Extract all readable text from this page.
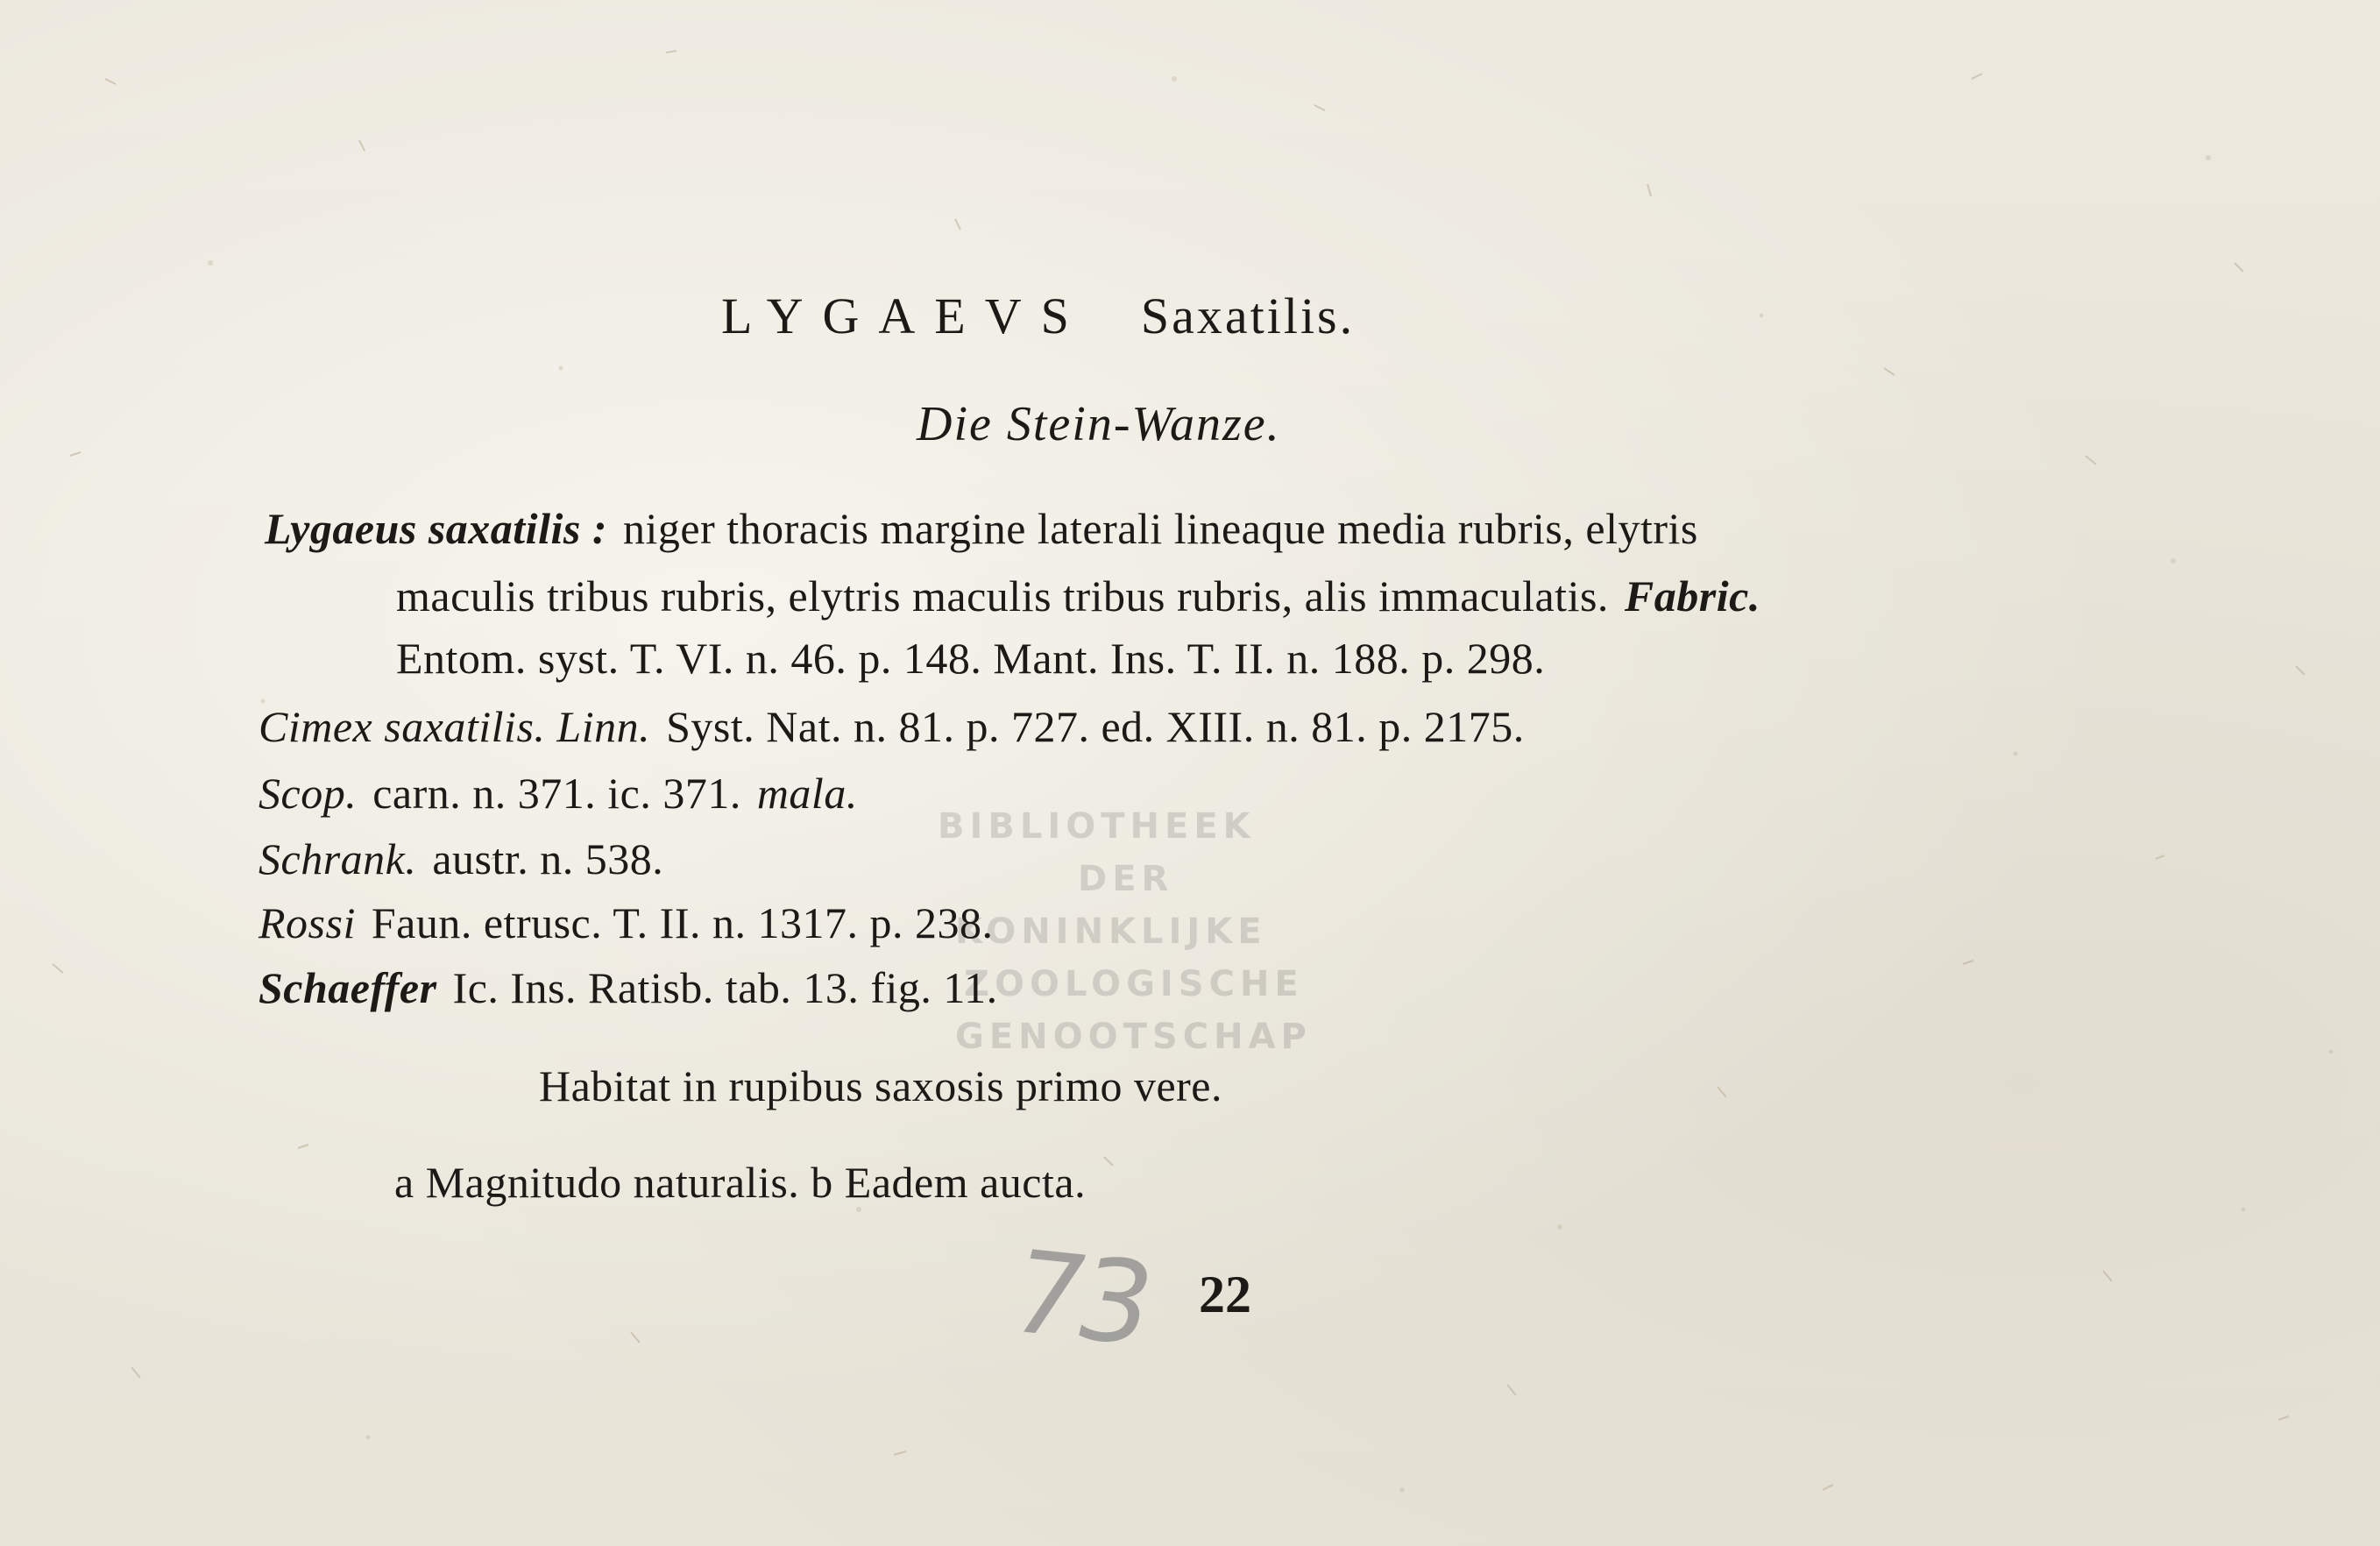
BIBLIOTHEEK
DER
KONINKLIJKE
ZOOLOGISCHE
GENOOTSCHAP
LYGAEVS Saxatilis.
Die Stein-Wanze.
Lygaeus saxatilis : niger thoracis margine laterali lineaque media rubris, elytris
maculis tribus rubris, elytris maculis tribus rubris, alis immaculatis. Fabric.
Entom. syst. T. VI. n. 46. p. 148. Mant. Ins. T. II. n. 188. p. 298.
Cimex saxatilis. Linn. Syst. Nat. n. 81. p. 727. ed. XIII. n. 81. p. 2175.
Scop. carn. n. 371. ic. 371. mala.
Schrank. austr. n. 538.
Rossi Faun. etrusc. T. II. n. 1317. p. 238.
Schaeffer Ic. Ins. Ratisb. tab. 13. fig. 11.
Habitat in rupibus saxosis primo vere.
a Magnitudo naturalis. b Eadem aucta.
73 22
